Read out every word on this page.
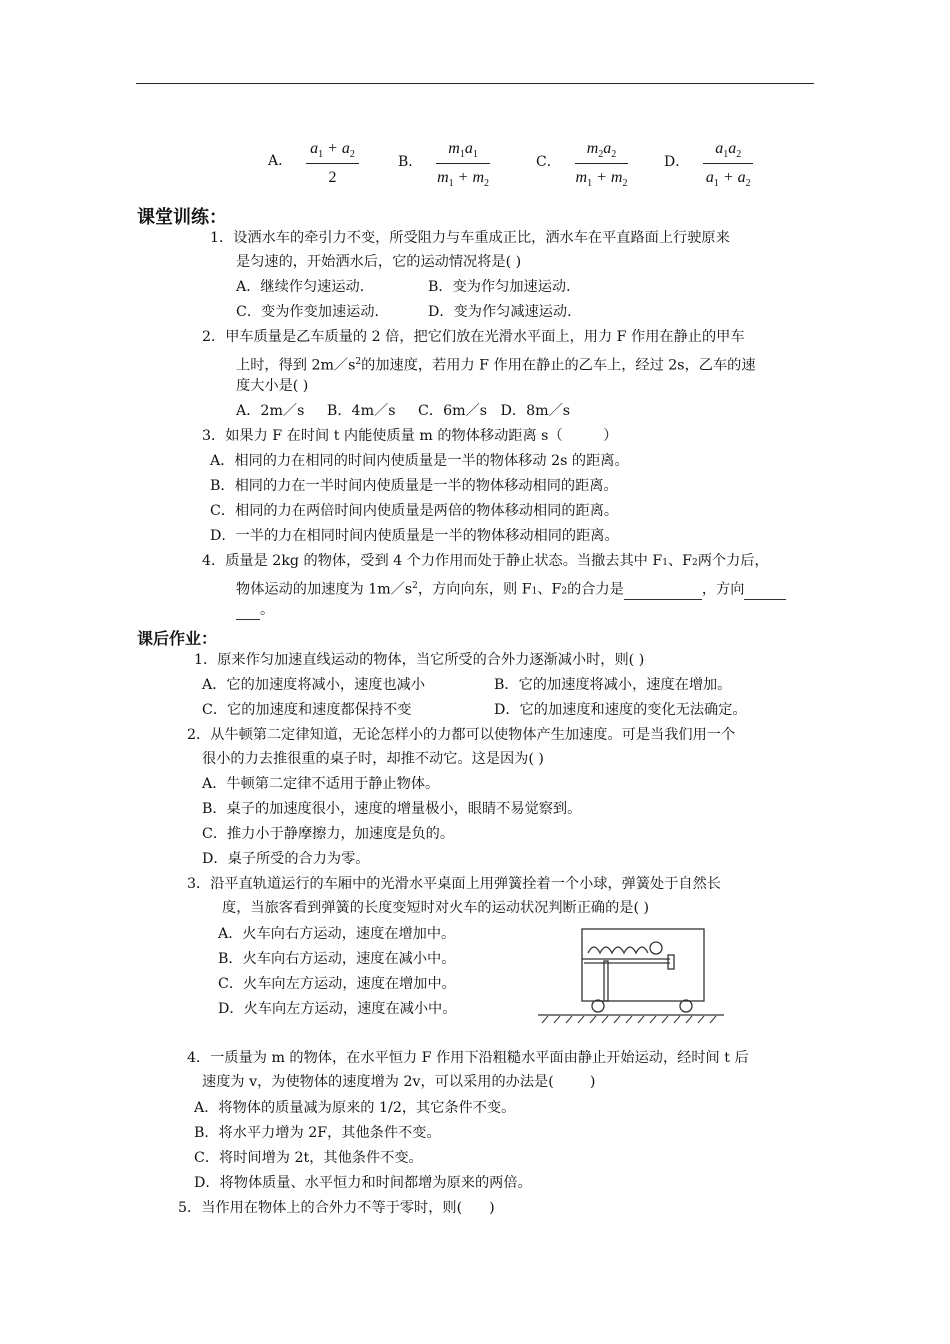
A． $\frac{a_1 + a_2}{2}$	B． $\frac{m_1a_1}{m_1 + m_2}$	C． $\frac{m_2a_2}{m_1 + m_2}$	D． $\frac{a_1a_2}{a_1 + a_2}$
课堂训练：
1．设洒水车的牵引力不变，所受阻力与车重成正比，洒水车在平直路面上行驶原来
是匀速的，开始洒水后，它的运动情况将是( )
A．继续作匀速运动．	B．变为作匀加速运动．
C．变为作变加速运动．	D．变为作匀减速运动．
2．甲车质量是乙车质量的 2 倍，把它们放在光滑水平面上，用力 F 作用在静止的甲车
上时，得到 $2m/s^2$的加速度，若用力 F 作用在静止的乙车上，经过 2s，乙车的速
度大小是( )
A．2m／s     B．4m／s     C．6m／s   D．8m／s
3．如果力 F 在时间 t 内能使质量 m 的物体移动距离 s（         ）
A．相同的力在相同的时间内使质量是一半的物体移动 2s 的距离。
B．相同的力在一半时间内使质量是一半的物体移动相同的距离。
C．相同的力在两倍时间内使质量是两倍的物体移动相同的距离。
D．一半的力在相同时间内使质量是一半的物体移动相同的距离。
4．质量是 2kg 的物体，受到 4 个力作用而处于静止状态。当撤去其中 F1、F2两个力后，
物体运动的加速度为 $1m/s^2$，方向向东，则 F1、F2的合力是	，方向
。
课后作业：
1．原来作匀加速直线运动的物体，当它所受的合外力逐渐减小时，则( )
A．它的加速度将减小，速度也减小	B．它的加速度将减小，速度在增加。
C．它的加速度和速度都保持不变	D．它的加速度和速度的变化无法确定。
2．从牛顿第二定律知道，无论怎样小的力都可以使物体产生加速度。可是当我们用一个
很小的力去推很重的桌子时，却推不动它。这是因为( )
A．牛顿第二定律不适用于静止物体。
B．桌子的加速度很小，速度的增量极小，眼睛不易觉察到。
C．推力小于静摩擦力，加速度是负的。
D．桌子所受的合力为零。
3．沿平直轨道运行的车厢中的光滑水平桌面上用弹簧拴着一个小球，弹簧处于自然长
度，当旅客看到弹簧的长度变短时对火车的运动状况判断正确的是( )
A．火车向右方运动，速度在增加中。
B．火车向右方运动，速度在减小中。
C．火车向左方运动，速度在增加中。
D．火车向左方运动，速度在减小中。
4．一质量为 m 的物体，在水平恒力 F 作用下沿粗糙水平面由静止开始运动，经时间 t 后
速度为 v，为使物体的速度增为 2v，可以采用的办法是(        )
A．将物体的质量减为原来的 1/2，其它条件不变。
B．将水平力增为 2F，其他条件不变。
C．将时间增为 2t，其他条件不变。
D．将物体质量、水平恒力和时间都增为原来的两倍。
5．当作用在物体上的合外力不等于零时，则(      )
